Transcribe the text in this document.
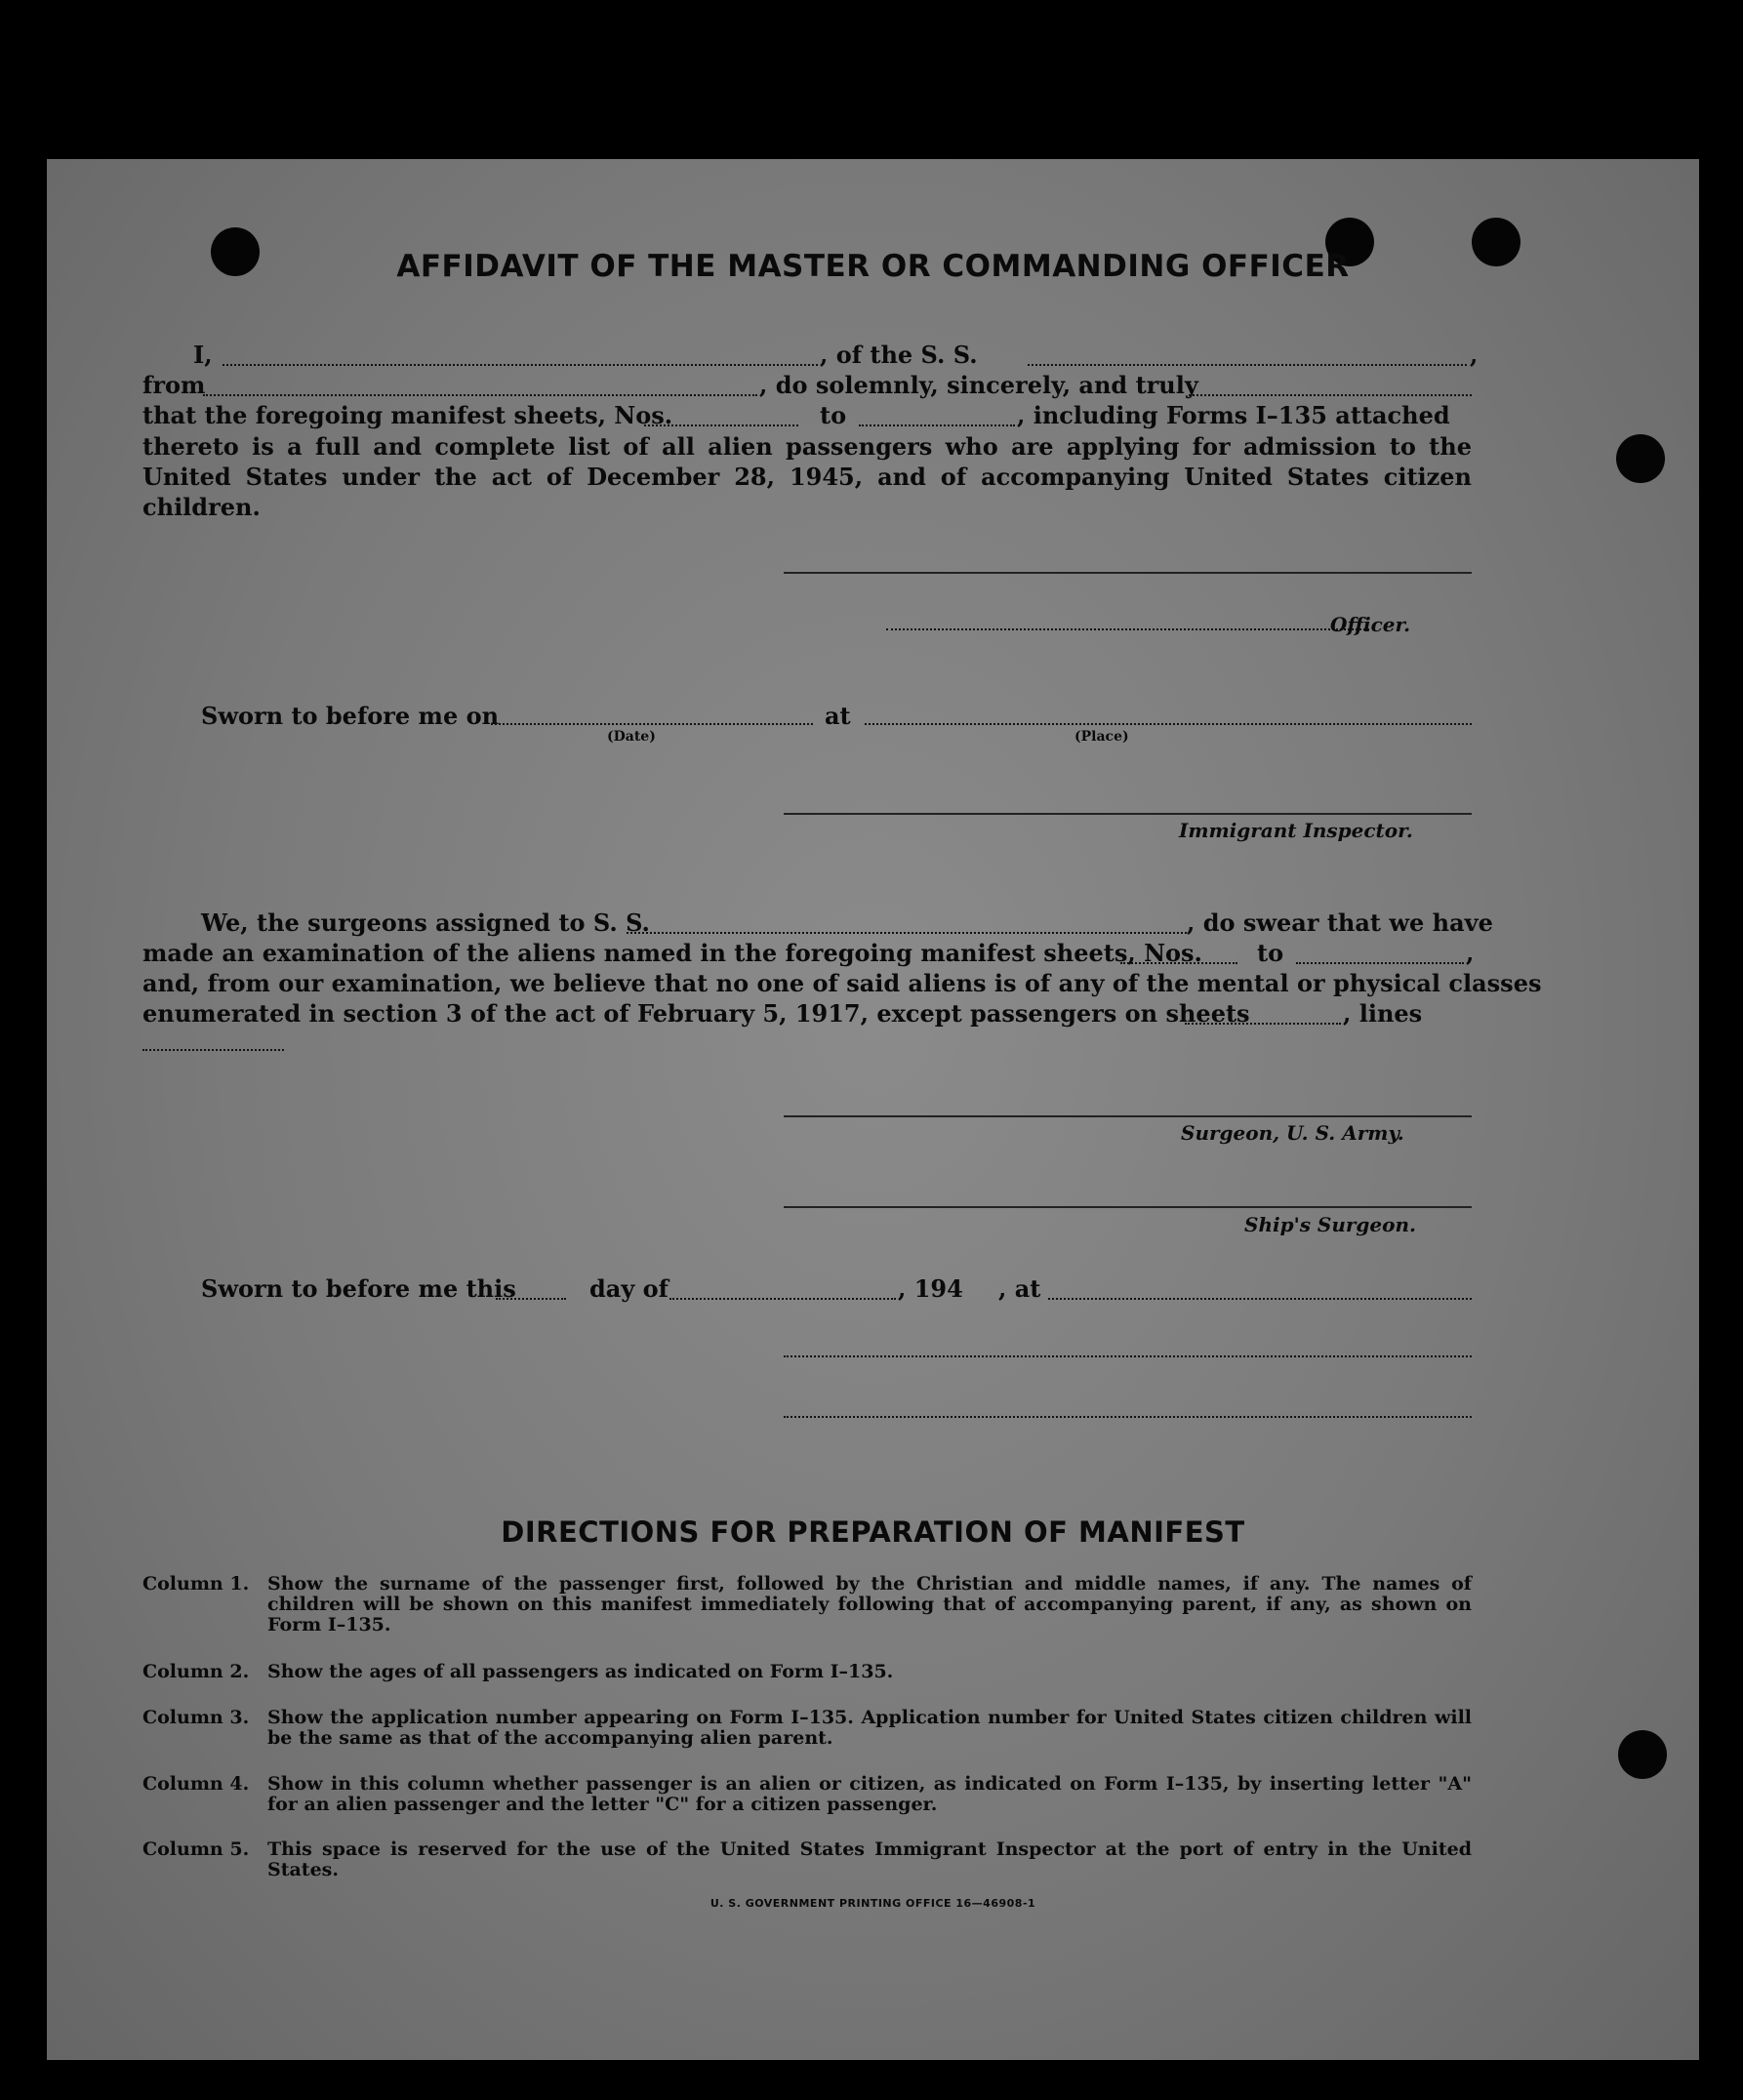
AFFIDAVIT OF THE MASTER OR COMMANDING OFFICER
I,	, of the S. S.	,
from	, do solemnly, sincerely, and truly
that the foregoing manifest sheets, Nos.	to	, including Forms I–135 attached
thereto is a full and complete list of all alien passengers who are applying for admission to the United States under the act of December 28, 1945, and of accompanying United States citizen children.
Officer.
Sworn to before me on	at
(Date)	(Place)
Immigrant Inspector.
We, the surgeons assigned to S. S.	, do swear that we have
made an examination of the aliens named in the foregoing manifest sheets, Nos. to	,
and, from our examination, we believe that no one of said aliens is of any of the mental or physical classes
enumerated in section 3 of the act of February 5, 1917, except passengers on sheets	, lines
Surgeon, U. S. Army.
Ship's Surgeon.
Sworn to before me this	day of	, 194 , at
DIRECTIONS FOR PREPARATION OF MANIFEST
Column 1. Show the surname of the passenger first, followed by the Christian and middle names, if any. The names of children will be shown on this manifest immediately following that of accompanying parent, if any, as shown on Form I–135.
Column 2. Show the ages of all passengers as indicated on Form I–135.
Column 3. Show the application number appearing on Form I–135. Application number for United States citizen children will be the same as that of the accompanying alien parent.
Column 4. Show in this column whether passenger is an alien or citizen, as indicated on Form I–135, by inserting letter "A" for an alien passenger and the letter "C" for a citizen passenger.
Column 5. This space is reserved for the use of the United States Immigrant Inspector at the port of entry in the United States.
U. S. GOVERNMENT PRINTING OFFICE 16—46908-1
